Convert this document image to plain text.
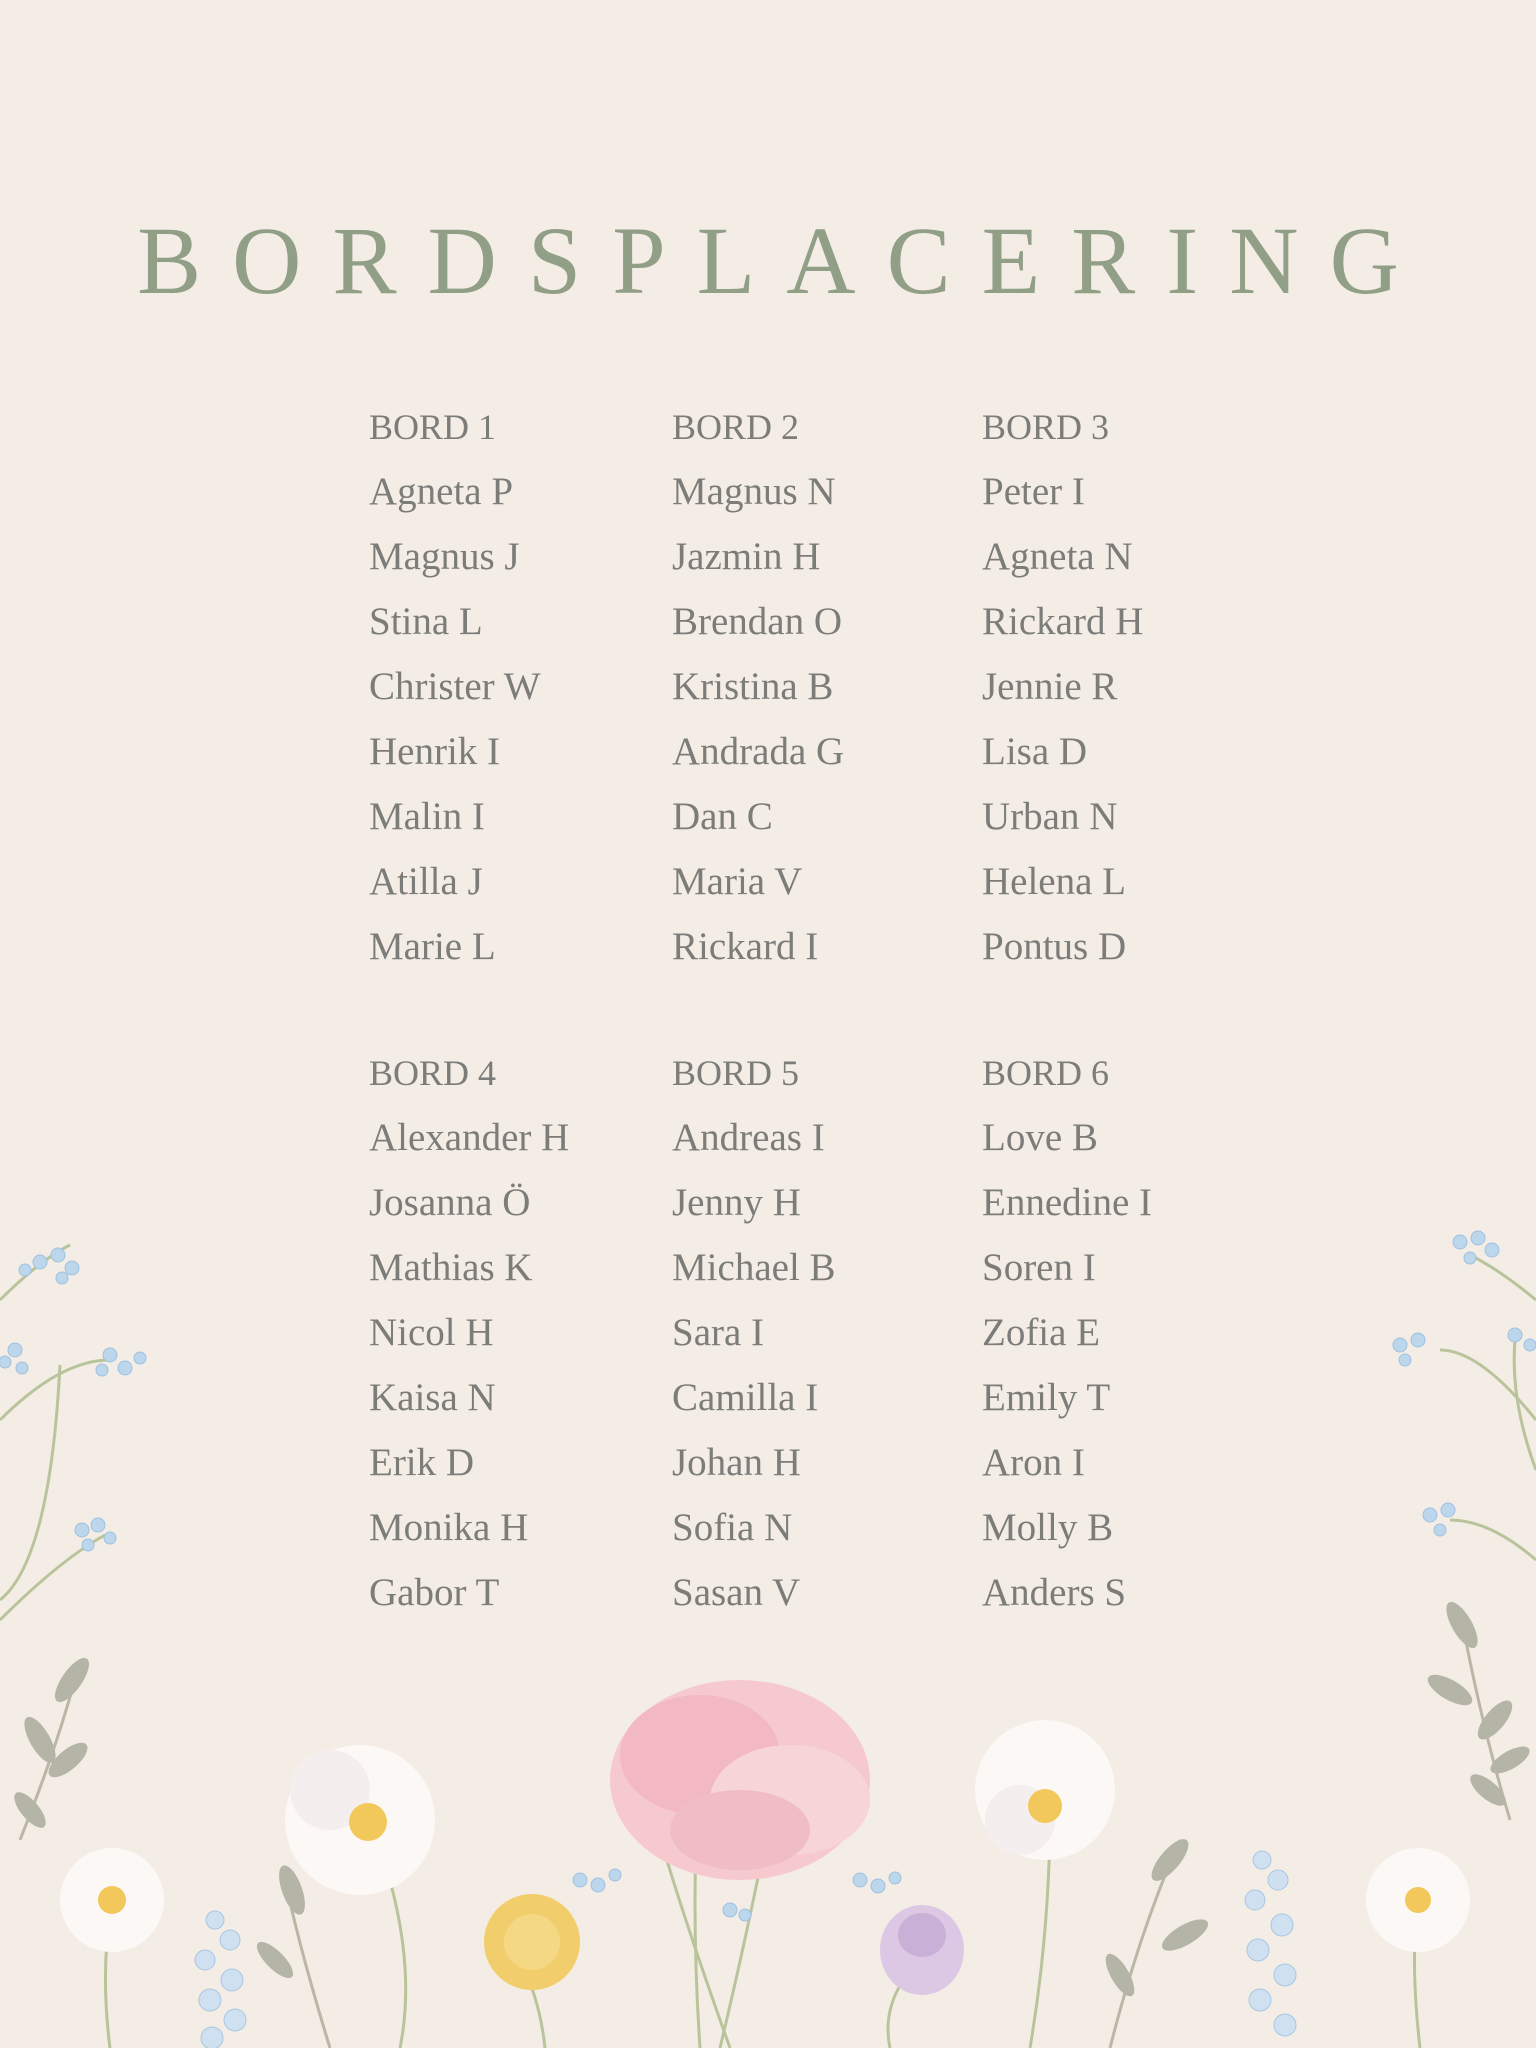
BORDSPLACERING
BORD 1
Agneta P
Magnus J
Stina L
Christer W
Henrik I
Malin I
Atilla J
Marie L
BORD 2
Magnus N
Jazmin H
Brendan O
Kristina B
Andrada G
Dan C
Maria V
Rickard I
BORD 3
Peter I
Agneta N
Rickard H
Jennie R
Lisa D
Urban N
Helena L
Pontus D
BORD 4
Alexander H
Josanna Ö
Mathias K
Nicol H
Kaisa N
Erik D
Monika H
Gabor T
BORD 5
Andreas I
Jenny H
Michael B
Sara I
Camilla I
Johan H
Sofia N
Sasan V
BORD 6
Love B
Ennedine I
Soren I
Zofia E
Emily T
Aron I
Molly B
Anders S
